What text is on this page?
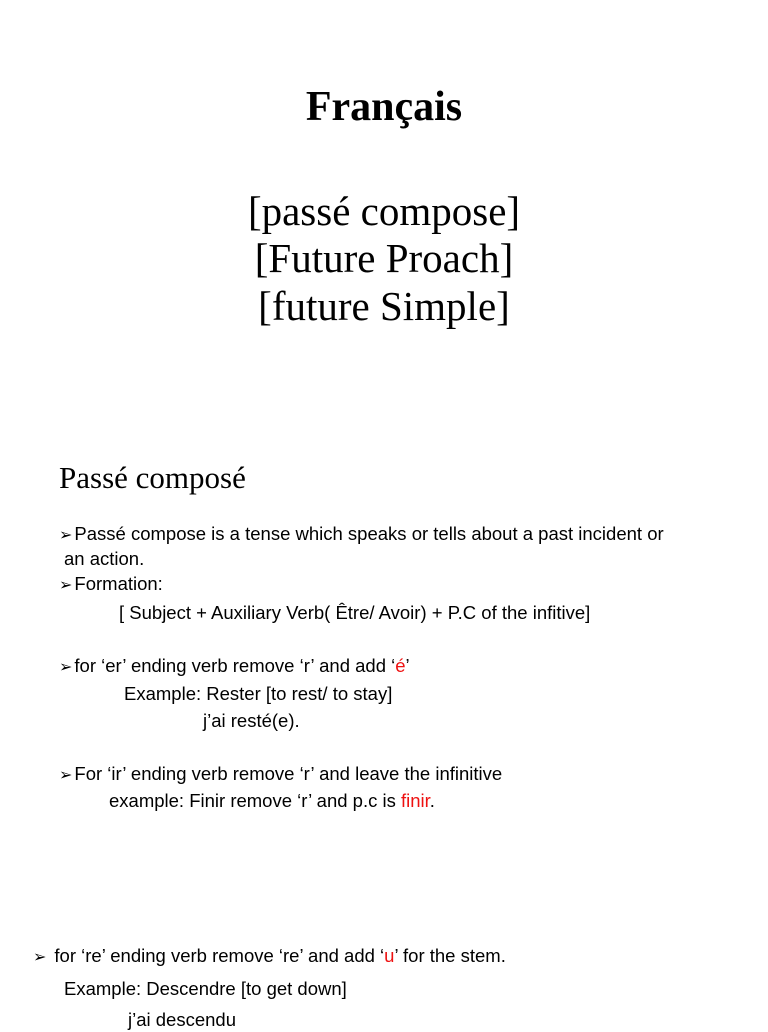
Français
[passé compose]
[Future Proach]
[future Simple]
Passé composé
➢ Passé compose is a tense which speaks or tells about a past incident or
an action.
➢ Formation:
[ Subject + Auxiliary Verb( Être/ Avoir) + P.C of the infitive]
➢ for ‘er’ ending verb remove ‘r’ and add ‘é’
Example: Rester [to rest/ to stay]
j’ai resté(e).
➢ For ‘ir’ ending verb remove ‘r’ and leave the infinitive
example: Finir remove ‘r’ and p.c is finir.
➢ for ‘re’ ending verb remove ‘re’ and add ‘u’ for the stem.
Example: Descendre [to get down]
j’ai descendu
